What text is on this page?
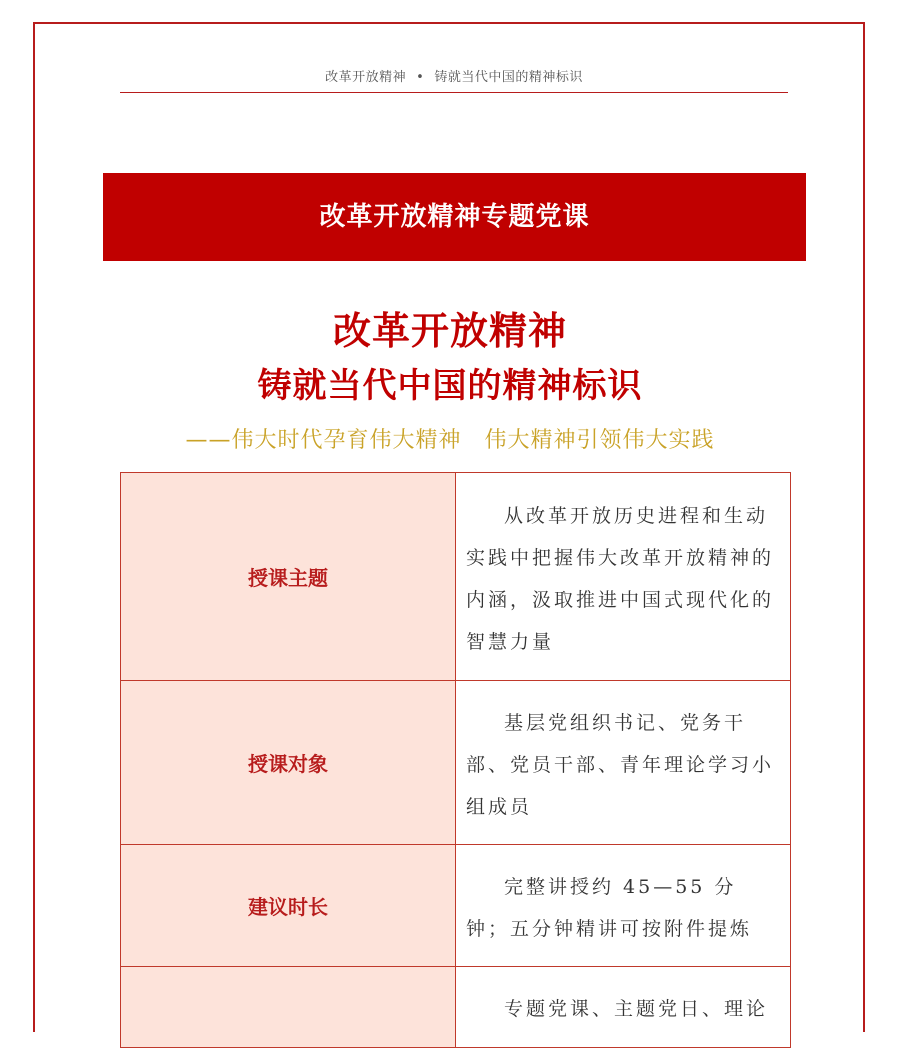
改革开放精神 • 铸就当代中国的精神标识
改革开放精神专题党课
改革开放精神
铸就当代中国的精神标识
——伟大时代孕育伟大精神　伟大精神引领伟大实践
授课主题	从改革开放历史进程和生动实践中把握伟大改革开放精神的内涵，汲取推进中国式现代化的智慧力量
授课对象	基层党组织书记、党务干部、党员干部、青年理论学习小组成员
建议时长	完整讲授约 45—55 分钟；五分钟精讲可按附件提炼
	专题党课、主题党日、理论
